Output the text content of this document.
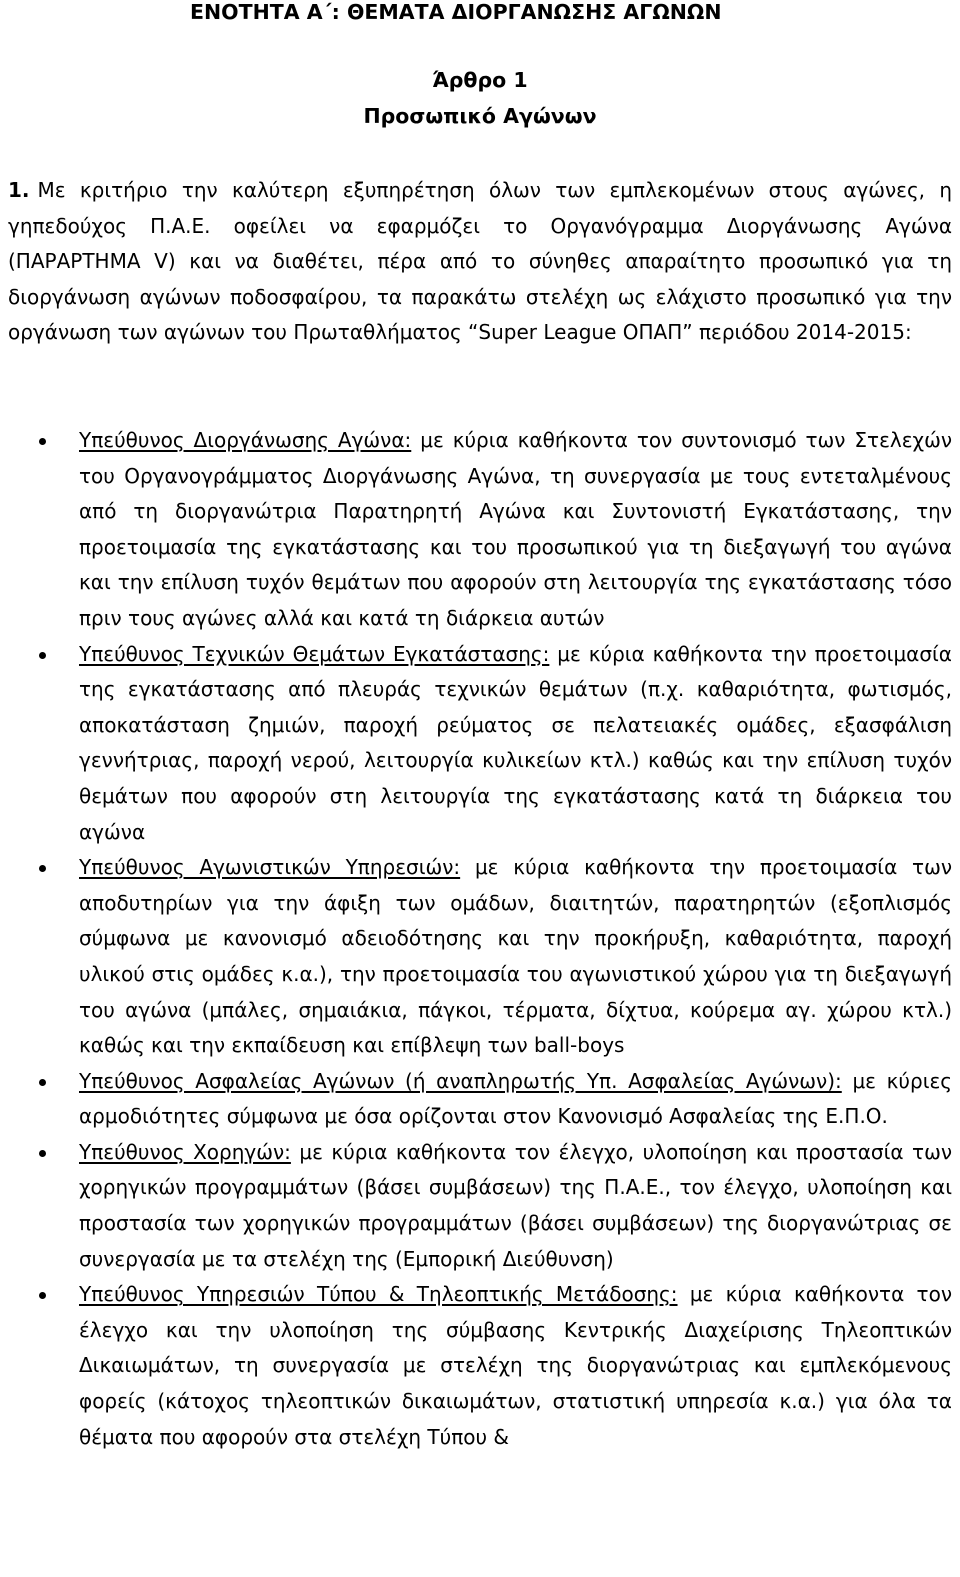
ΕΝΟΤΗΤΑ Α΄: ΘΕΜΑΤΑ ΔΙΟΡΓΑΝΩΣΗΣ ΑΓΩΝΩΝ
Άρθρο 1
Προσωπικό Αγώνων
1. Με κριτήριο την καλύτερη εξυπηρέτηση όλων των εμπλεκομένων στους αγώνες, η γηπεδούχος Π.Α.Ε. οφείλει να εφαρμόζει το Οργανόγραμμα Διοργάνωσης Αγώνα (ΠΑΡΑΡΤΗΜΑ V) και να διαθέτει, πέρα από το σύνηθες απαραίτητο προσωπικό για τη διοργάνωση αγώνων ποδοσφαίρου, τα παρακάτω στελέχη ως ελάχιστο προσωπικό για την οργάνωση των αγώνων του Πρωταθλήματος “Super League ΟΠΑΠ” περιόδου 2014-2015:
Υπεύθυνος Διοργάνωσης Αγώνα: με κύρια καθήκοντα τον συντονισμό των Στελεχών του Οργανογράμματος Διοργάνωσης Αγώνα, τη συνεργασία με τους εντεταλμένους από τη διοργανώτρια Παρατηρητή Αγώνα και Συντονιστή Εγκατάστασης, την προετοιμασία της εγκατάστασης και του προσωπικού για τη διεξαγωγή του αγώνα και την επίλυση τυχόν θεμάτων που αφορούν στη λειτουργία της εγκατάστασης τόσο πριν τους αγώνες αλλά και κατά τη διάρκεια αυτών
Υπεύθυνος Τεχνικών Θεμάτων Εγκατάστασης: με κύρια καθήκοντα την προετοιμασία της εγκατάστασης από πλευράς τεχνικών θεμάτων (π.χ. καθαριότητα, φωτισμός, αποκατάσταση ζημιών, παροχή ρεύματος σε πελατειακές ομάδες, εξασφάλιση γεννήτριας, παροχή νερού, λειτουργία κυλικείων κτλ.) καθώς και την επίλυση τυχόν θεμάτων που αφορούν στη λειτουργία της εγκατάστασης κατά τη διάρκεια του αγώνα
Υπεύθυνος Αγωνιστικών Υπηρεσιών: με κύρια καθήκοντα την προετοιμασία των αποδυτηρίων για την άφιξη των ομάδων, διαιτητών, παρατηρητών (εξοπλισμός σύμφωνα με κανονισμό αδειοδότησης και την προκήρυξη, καθαριότητα, παροχή υλικού στις ομάδες κ.α.), την προετοιμασία του αγωνιστικού χώρου για τη διεξαγωγή του αγώνα (μπάλες, σημαιάκια, πάγκοι, τέρματα, δίχτυα, κούρεμα αγ. χώρου κτλ.) καθώς και την εκπαίδευση και επίβλεψη των ball-boys
Υπεύθυνος Ασφαλείας Αγώνων (ή αναπληρωτής Υπ. Ασφαλείας Αγώνων): με κύριες αρμοδιότητες σύμφωνα με όσα ορίζονται στον Κανονισμό Ασφαλείας της Ε.Π.Ο.
Υπεύθυνος Χορηγών: με κύρια καθήκοντα τον έλεγχο, υλοποίηση και προστασία των χορηγικών προγραμμάτων (βάσει συμβάσεων) της Π.Α.Ε., τον έλεγχο, υλοποίηση και προστασία των χορηγικών προγραμμάτων (βάσει συμβάσεων) της διοργανώτριας σε συνεργασία με τα στελέχη της (Εμπορική Διεύθυνση)
Υπεύθυνος Υπηρεσιών Τύπου & Τηλεοπτικής Μετάδοσης: με κύρια καθήκοντα τον έλεγχο και την υλοποίηση της σύμβασης Κεντρικής Διαχείρισης Τηλεοπτικών Δικαιωμάτων, τη συνεργασία με στελέχη της διοργανώτριας και εμπλεκόμενους φορείς (κάτοχος τηλεοπτικών δικαιωμάτων, στατιστική υπηρεσία κ.α.) για όλα τα θέματα που αφορούν στα στελέχη Τύπου &
